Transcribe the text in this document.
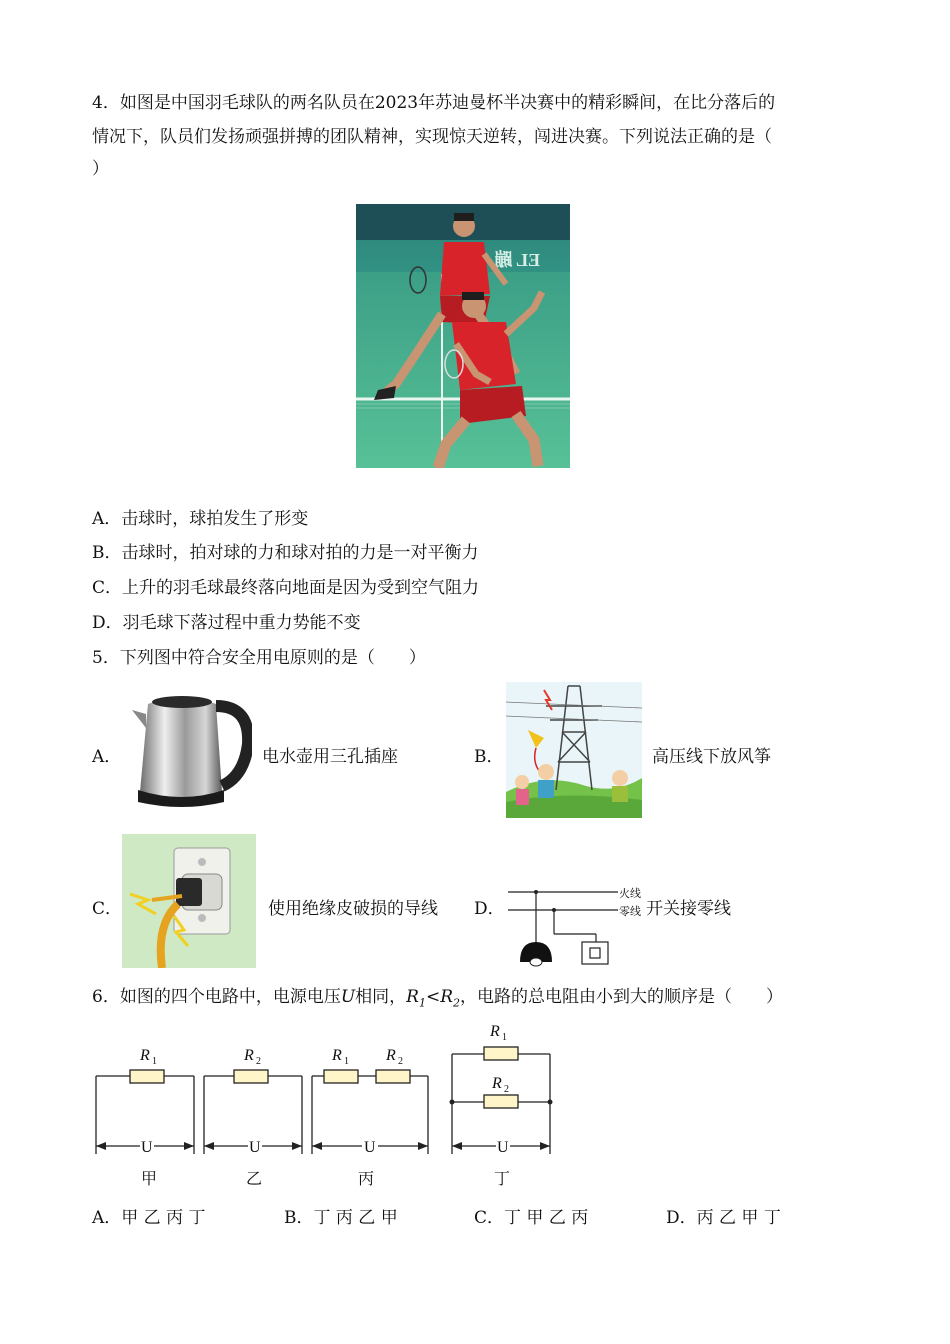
4．如图是中国羽毛球队的两名队员在2023年苏迪曼杯半决赛中的精彩瞬间，在比分落后的
情况下，队员们发扬顽强拼搏的团队精神，实现惊天逆转，闯进决赛。下列说法正确的是（
）
EL 蹦
A．击球时，球拍发生了形变
B．击球时，拍对球的力和球对拍的力是一对平衡力
C．上升的羽毛球最终落向地面是因为受到空气阻力
D．羽毛球下落过程中重力势能不变
5．下列图中符合安全用电原则的是（　　）
A．	电水壶用三孔插座	B．	高压线下放风筝
C．	使用绝缘皮破损的导线 D．
火线
零线 开关接零线
6．如图的四个电路中，电源电压U相同，$R_1<R_2$，电路的总电阻由小到大的顺序是（　　）
R 1	R 2	R 1 R 2
R 1
R 2
U	U	U	U
甲	乙	丙	丁
A．甲 乙 丙 丁	B．丁 丙 乙 甲	C．丁 甲 乙 丙	D．丙 乙 甲 丁
